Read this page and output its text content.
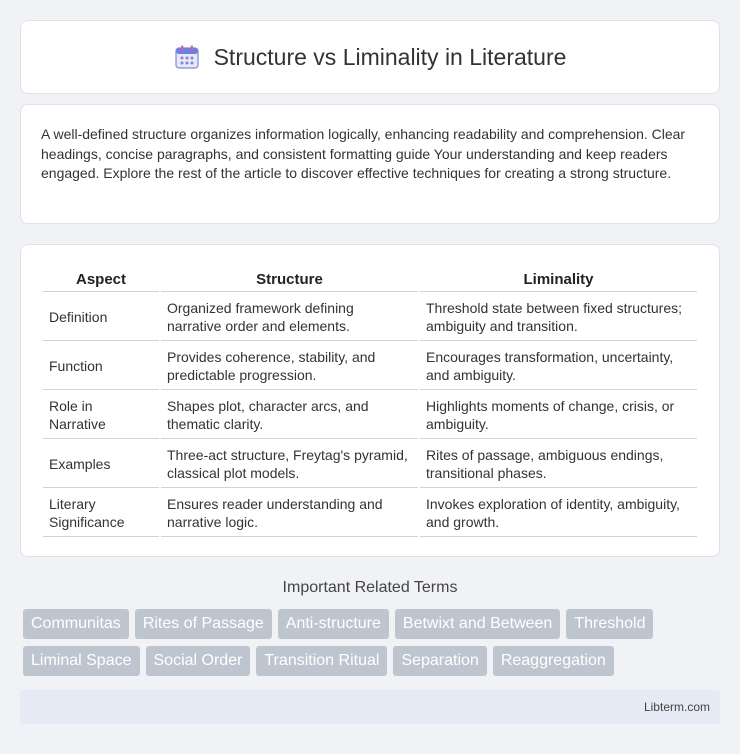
Structure vs Liminality in Literature

A well-defined structure organizes information logically, enhancing readability and comprehension. Clear headings, concise paragraphs, and consistent formatting guide Your understanding and keep readers engaged. Explore the rest of the article to discover effective techniques for creating a strong structure.

Aspect	Structure	Liminality
Definition	Organized framework defining narrative order and elements.	Threshold state between fixed structures; ambiguity and transition.
Function	Provides coherence, stability, and predictable progression.	Encourages transformation, uncertainty, and ambiguity.
Role in Narrative	Shapes plot, character arcs, and thematic clarity.	Highlights moments of change, crisis, or ambiguity.
Examples	Three-act structure, Freytag's pyramid, classical plot models.	Rites of passage, ambiguous endings, transitional phases.
Literary Significance	Ensures reader understanding and narrative logic.	Invokes exploration of identity, ambiguity, and growth.
Important Related Terms
Communitas	Rites of Passage	Anti-structure	Betwixt and Between	Threshold
Liminal Space	Social Order	Transition Ritual	Separation	Reaggregation
Libterm.com
